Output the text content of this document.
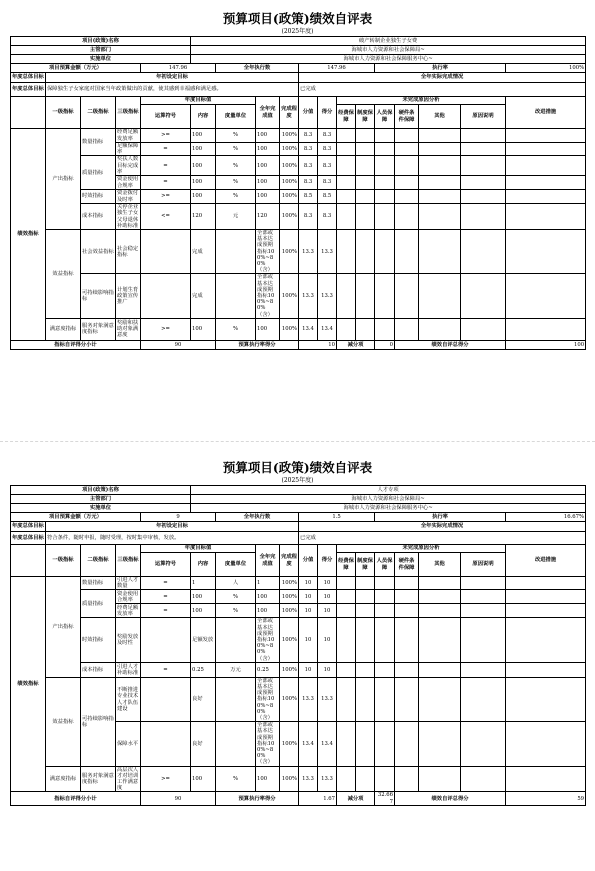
预算项目(政策)绩效自评表
(2025年度)
项目(政策)名称					破产转制企业独生子女费												
主管部门					海城市人力资源和社会保障局~												
实施单位					海城市人力资源和社会保障服务中心~												
项目预算金额（万元）				147.96		全年执行数			147.96				执行率				100%
年度总体目标	年初设定目标								全年实际完成情况								
年度总体目标	保障独生子女家庭对国家当年政策做出的贡献，使其感到幸福感和满足感。								已完成								
	一级指标	二级指标	三级指标	年度目标值			全年完成值	完成程度	分值	得分	未完成原因分析						改进措施
				运算符号	内容	度量单位					经费保障	制度保障	人员保障	硬件条件保障	其他	原因说明	
绩效指标	产出指标	数量指标	经费足额发放率	>=	100	%	100	100%	8.3	8.3							
			足额保障率	=	100	%	100	100%	8.3	8.3							
		质量指标	奖扶人数目标完成率	=	100	%	100	100%	8.3	8.3							
			资金使用合规率	=	100	%	100	100%	8.3	8.3							
		时效指标	资金拨付及时率	>=	100	%	100	100%	8.5	8.5							
		成本指标	关停企业独生子女父母退休补助标准	<=	120	元	120	100%	8.3	8.3							
	效益指标	社会效益指标	社会稳定指标		完成		全部或基本达成预期指标100%~80%（含）	100%	13.3	13.3							
		可持续影响指标	计划生育政策宣传推广		完成		全部或基本达成预期指标100%~80%（含）	100%	13.3	13.3							
	满意度指标	服务对象满意度指标	奖励和扶助对象满意度	>=	100	%	100	100%	13.4	13.4							
指标自评得分小计				90		预算执行率得分			10		减分项		0	绩效自评总得分			100
预算项目(政策)绩效自评表
(2025年度)
项目(政策)名称					人才专项												
主管部门					海城市人力资源和社会保障局~												
实施单位					海城市人力资源和社会保障服务中心~												
项目预算金额（万元）				9		全年执行数			1.5				执行率				16.67%
年度总体目标	年初设定目标								全年实际完成情况								
年度总体目标	符合条件，随时申报，随时受理，按时集中审核，发放。								已完成								
	一级指标	二级指标	三级指标	年度目标值			全年完成值	完成程度	分值	得分	未完成原因分析						改进措施
				运算符号	内容	度量单位					经费保障	制度保障	人员保障	硬件条件保障	其他	原因说明	
绩效指标	产出指标	数量指标	引进人才数量	=	1	人	1	100%	10	10							
		质量指标	资金使用合规率	=	100	%	100	100%	10	10							
			经费足额发放率	=	100	%	100	100%	10	10							
		时效指标	奖励发放及时性		足额发放		全部或基本达成预期指标100%~80%（含）	100%	10	10							
		成本指标	引进人才补助标准	=	0.25	万元	0.25	100%	10	10							
	效益指标	可持续影响指标	不断推进专业技术人才队伍建设		良好		全部或基本达成预期指标100%~80%（含）	100%	13.3	13.3							
			保障水平		良好		全部或基本达成预期指标100%~80%（含）	100%	13.4	13.4							
	满意度指标	服务对象满意度指标	高层次人才对培训工作满意度	>=	100	%	100	100%	13.3	13.3							
指标自评得分小计				90		预算执行率得分			1.67		减分项		32.667	绩效自评总得分			59
